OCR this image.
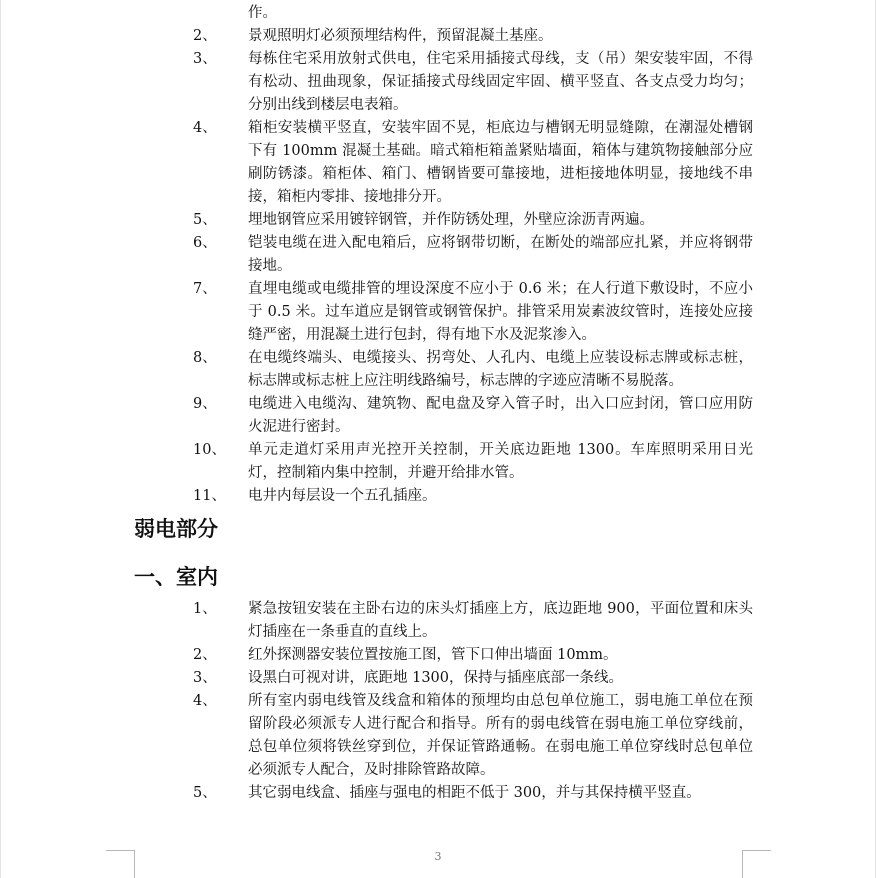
作。
2、	景观照明灯必须预埋结构件，预留混凝土基座。
3、	每栋住宅采用放射式供电，住宅采用插接式母线，支（吊）架安装牢固，不得有松动、扭曲现象，保证插接式母线固定牢固、横平竖直、各支点受力均匀；分别出线到楼层电表箱。
4、	箱柜安装横平竖直，安装牢固不晃，柜底边与槽钢无明显缝隙，在潮湿处槽钢下有 100mm 混凝土基础。暗式箱柜箱盖紧贴墙面，箱体与建筑物接触部分应刷防锈漆。箱柜体、箱门、槽钢皆要可靠接地，进柜接地体明显，接地线不串接，箱柜内零排、接地排分开。
5、	埋地钢管应采用镀锌钢管，并作防锈处理，外壁应涂沥青两遍。
6、	铠装电缆在进入配电箱后，应将钢带切断，在断处的端部应扎紧，并应将钢带接地。
7、	直埋电缆或电缆排管的埋设深度不应小于 0.6 米；在人行道下敷设时，不应小于 0.5 米。过车道应是钢管或钢管保护。排管采用炭素波纹管时，连接处应接缝严密，用混凝土进行包封，得有地下水及泥浆渗入。
8、	在电缆终端头、电缆接头、拐弯处、人孔内、电缆上应装设标志牌或标志桩，标志牌或标志桩上应注明线路编号，标志牌的字迹应清晰不易脱落。
9、	电缆进入电缆沟、建筑物、配电盘及穿入管子时，出入口应封闭，管口应用防火泥进行密封。
10、	单元走道灯采用声光控开关控制，开关底边距地 1300。车库照明采用日光灯，控制箱内集中控制，并避开给排水管。
11、	电井内每层设一个五孔插座。
弱电部分
一、室内
1、	紧急按钮安装在主卧右边的床头灯插座上方，底边距地 900，平面位置和床头灯插座在一条垂直的直线上。
2、	红外探测器安装位置按施工图，管下口伸出墙面 10mm。
3、	设黑白可视对讲，底距地 1300，保持与插座底部一条线。
4、	所有室内弱电线管及线盒和箱体的预埋均由总包单位施工，弱电施工单位在预留阶段必须派专人进行配合和指导。所有的弱电线管在弱电施工单位穿线前，总包单位须将铁丝穿到位，并保证管路通畅。在弱电施工单位穿线时总包单位必须派专人配合，及时排除管路故障。
5、	其它弱电线盒、插座与强电的相距不低于 300，并与其保持横平竖直。
3
